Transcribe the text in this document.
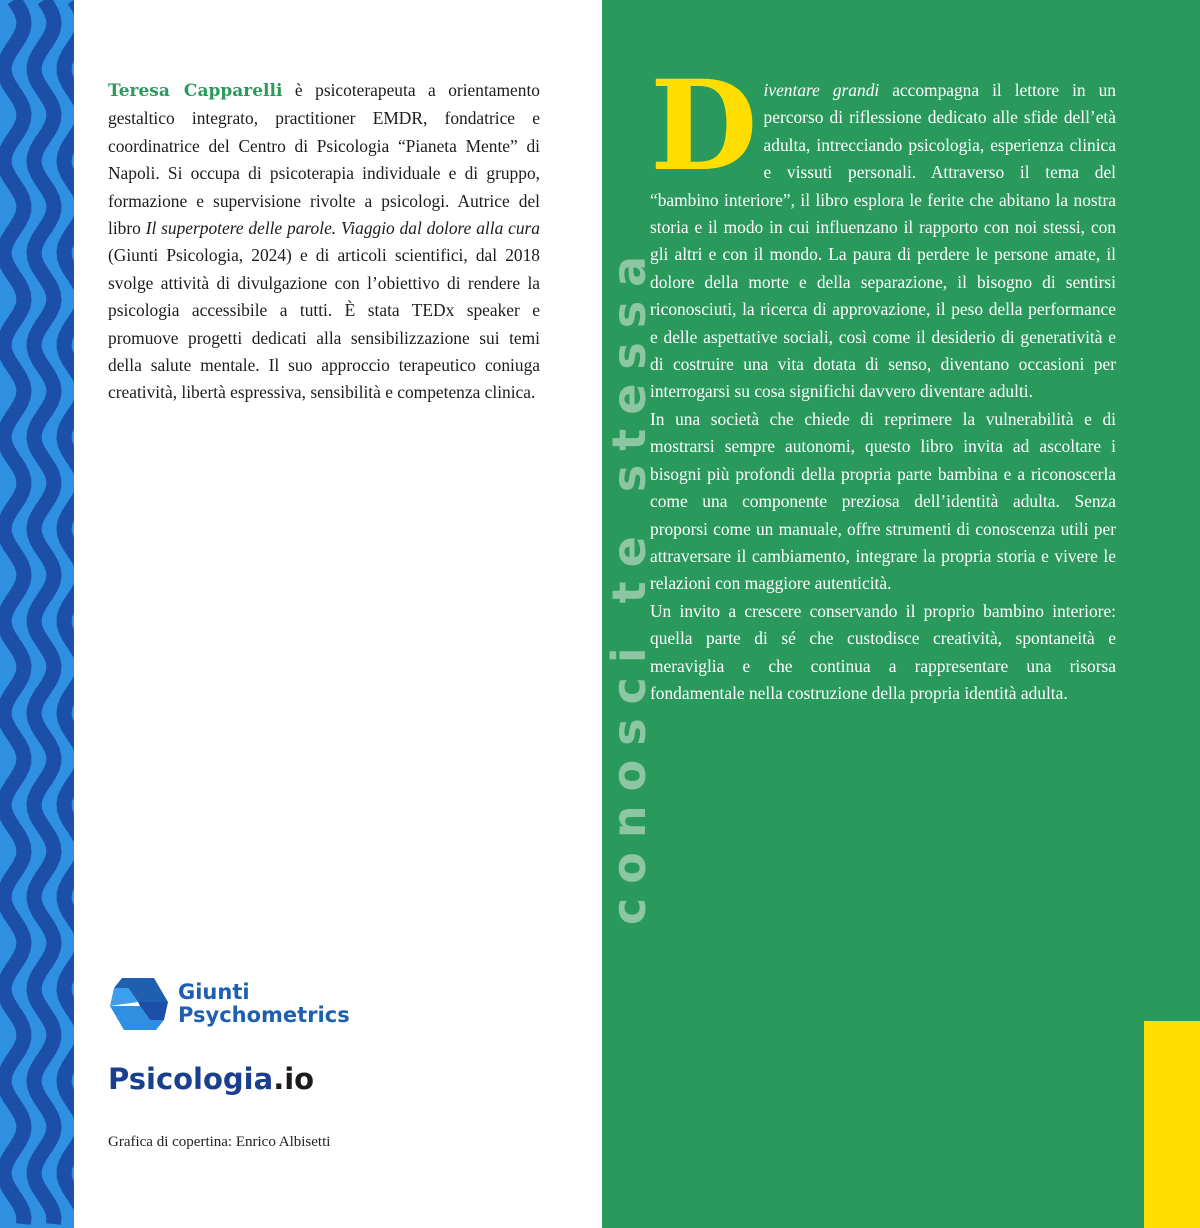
Teresa Capparelli è psicoterapeuta a orientamento gestaltico integrato, practitioner EMDR, fondatrice e coordinatrice del Centro di Psicologia “Pianeta Mente” di Napoli. Si occupa di psicoterapia individuale e di gruppo, formazione e supervisione rivolte a psicologi. Autrice del libro Il superpotere delle parole. Viaggio dal dolore alla cura (Giunti Psicologia, 2024) e di articoli scientifici, dal 2018 svolge attività di divulgazione con l’obiettivo di rendere la psicologia accessibile a tutti. È stata TEDx speaker e promuove progetti dedicati alla sensibilizzazione sui temi della salute mentale. Il suo approccio terapeutico coniuga creatività, libertà espressiva, sensibilità e competenza clinica.

Giunti
Psychometrics
Psicologia.io
Grafica di copertina: Enrico Albisetti
conosci te stessa

Diventare grandi accompagna il lettore in un percorso di riflessione dedicato alle sfide dell’età adulta, intrecciando psicologia, esperienza clinica e vissuti personali. Attraverso il tema del “bambino interiore”, il libro esplora le ferite che abitano la nostra storia e il modo in cui influenzano il rapporto con noi stessi, con gli altri e con il mondo. La paura di perdere le persone amate, il dolore della morte e della separazione, il bisogno di sentirsi riconosciuti, la ricerca di approvazione, il peso della performance e delle aspettative sociali, così come il desiderio di generatività e di costruire una vita dotata di senso, diventano occasioni per interrogarsi su cosa significhi davvero diventare adulti.

In una società che chiede di reprimere la vulnerabilità e di mostrarsi sempre autonomi, questo libro invita ad ascoltare i bisogni più profondi della propria parte bambina e a riconoscerla come una componente preziosa dell’identità adulta. Senza proporsi come un manuale, offre strumenti di conoscenza utili per attraversare il cambiamento, integrare la propria storia e vivere le relazioni con maggiore autenticità.

Un invito a crescere conservando il proprio bambino interiore: quella parte di sé che custodisce creatività, spontaneità e meraviglia e che continua a rappresentare una risorsa fondamentale nella costruzione della propria identità adulta.
